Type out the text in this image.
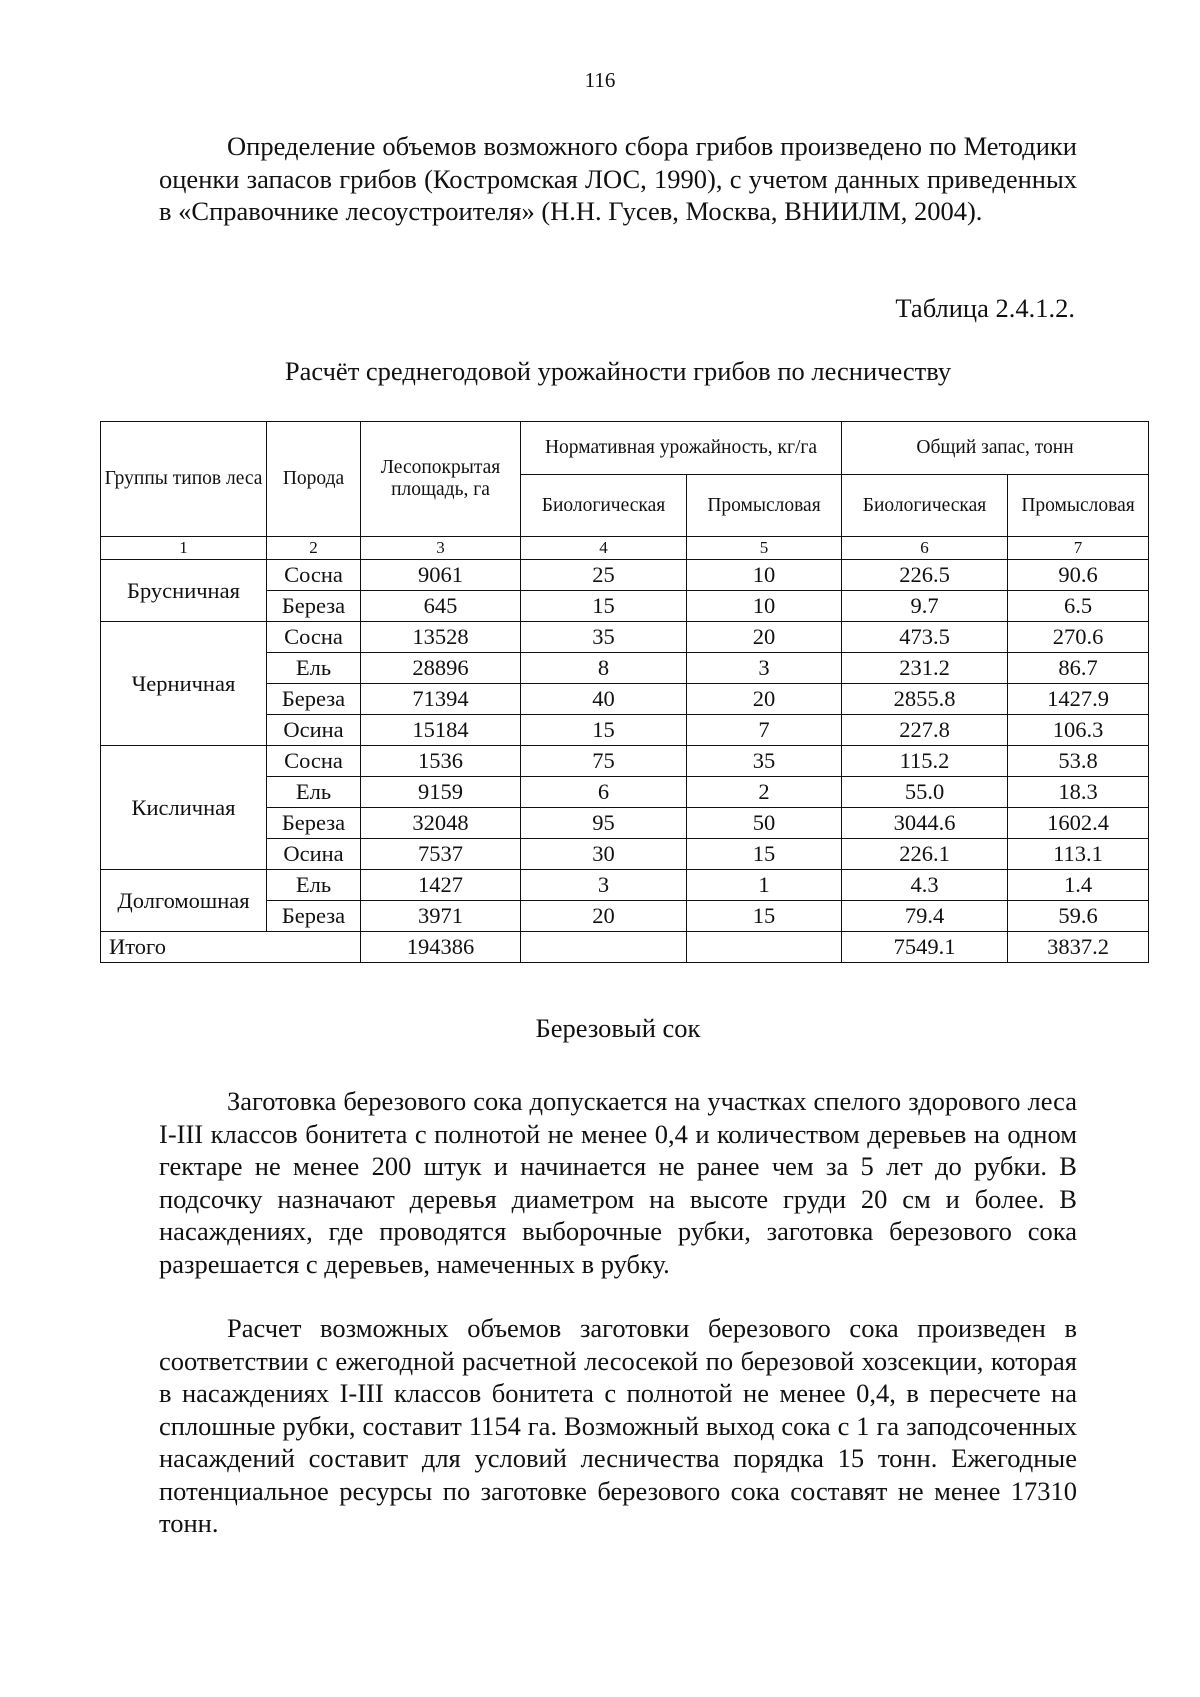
116

Определение объемов возможного сбора грибов произведено по Методики оценки запасов грибов (Костромская ЛОС, 1990), с учетом данных приведенных в «Справочнике лесоустроителя» (Н.Н. Гусев, Москва, ВНИИЛМ, 2004).

Таблица 2.4.1.2.
Расчёт среднегодовой урожайности грибов по лесничеству
Группы типов леса	Порода	Лесопокрытая площадь, га	Нормативная урожайность, кг/га		Общий запас, тонн	
			Биологическая	Промысловая	Биологическая	Промысловая
1	2	3	4	5	6	7
Брусничная	Сосна	9061	25	10	226.5	90.6
	Береза	645	15	10	9.7	6.5
Черничная	Сосна	13528	35	20	473.5	270.6
	Ель	28896	8	3	231.2	86.7
	Береза	71394	40	20	2855.8	1427.9
	Осина	15184	15	7	227.8	106.3
Кисличная	Сосна	1536	75	35	115.2	53.8
	Ель	9159	6	2	55.0	18.3
	Береза	32048	95	50	3044.6	1602.4
	Осина	7537	30	15	226.1	113.1
Долгомошная	Ель	1427	3	1	4.3	1.4
	Береза	3971	20	15	79.4	59.6
Итого		194386			7549.1	3837.2
Березовый сок

Заготовка березового сока допускается на участках спелого здорового леса I-III классов бонитета с полнотой не менее 0,4 и количеством деревьев на одном гектаре не менее 200 штук и начинается не ранее чем за 5 лет до рубки. В подсочку назначают деревья диаметром на высоте груди 20 см и более. В насаждениях, где проводятся выборочные рубки, заготовка березового сока разрешается с деревьев, намеченных в рубку.

Расчет возможных объемов заготовки березового сока произведен в соответствии с ежегодной расчетной лесосекой по березовой хозсекции, которая в насаждениях I-III классов бонитета с полнотой не менее 0,4, в пересчете на сплошные рубки, составит 1154 га. Возможный выход сока с 1 га заподсоченных насаждений составит для условий лесничества порядка 15 тонн. Ежегодные потенциальное ресурсы по заготовке березового сока составят не менее 17310 тонн.
